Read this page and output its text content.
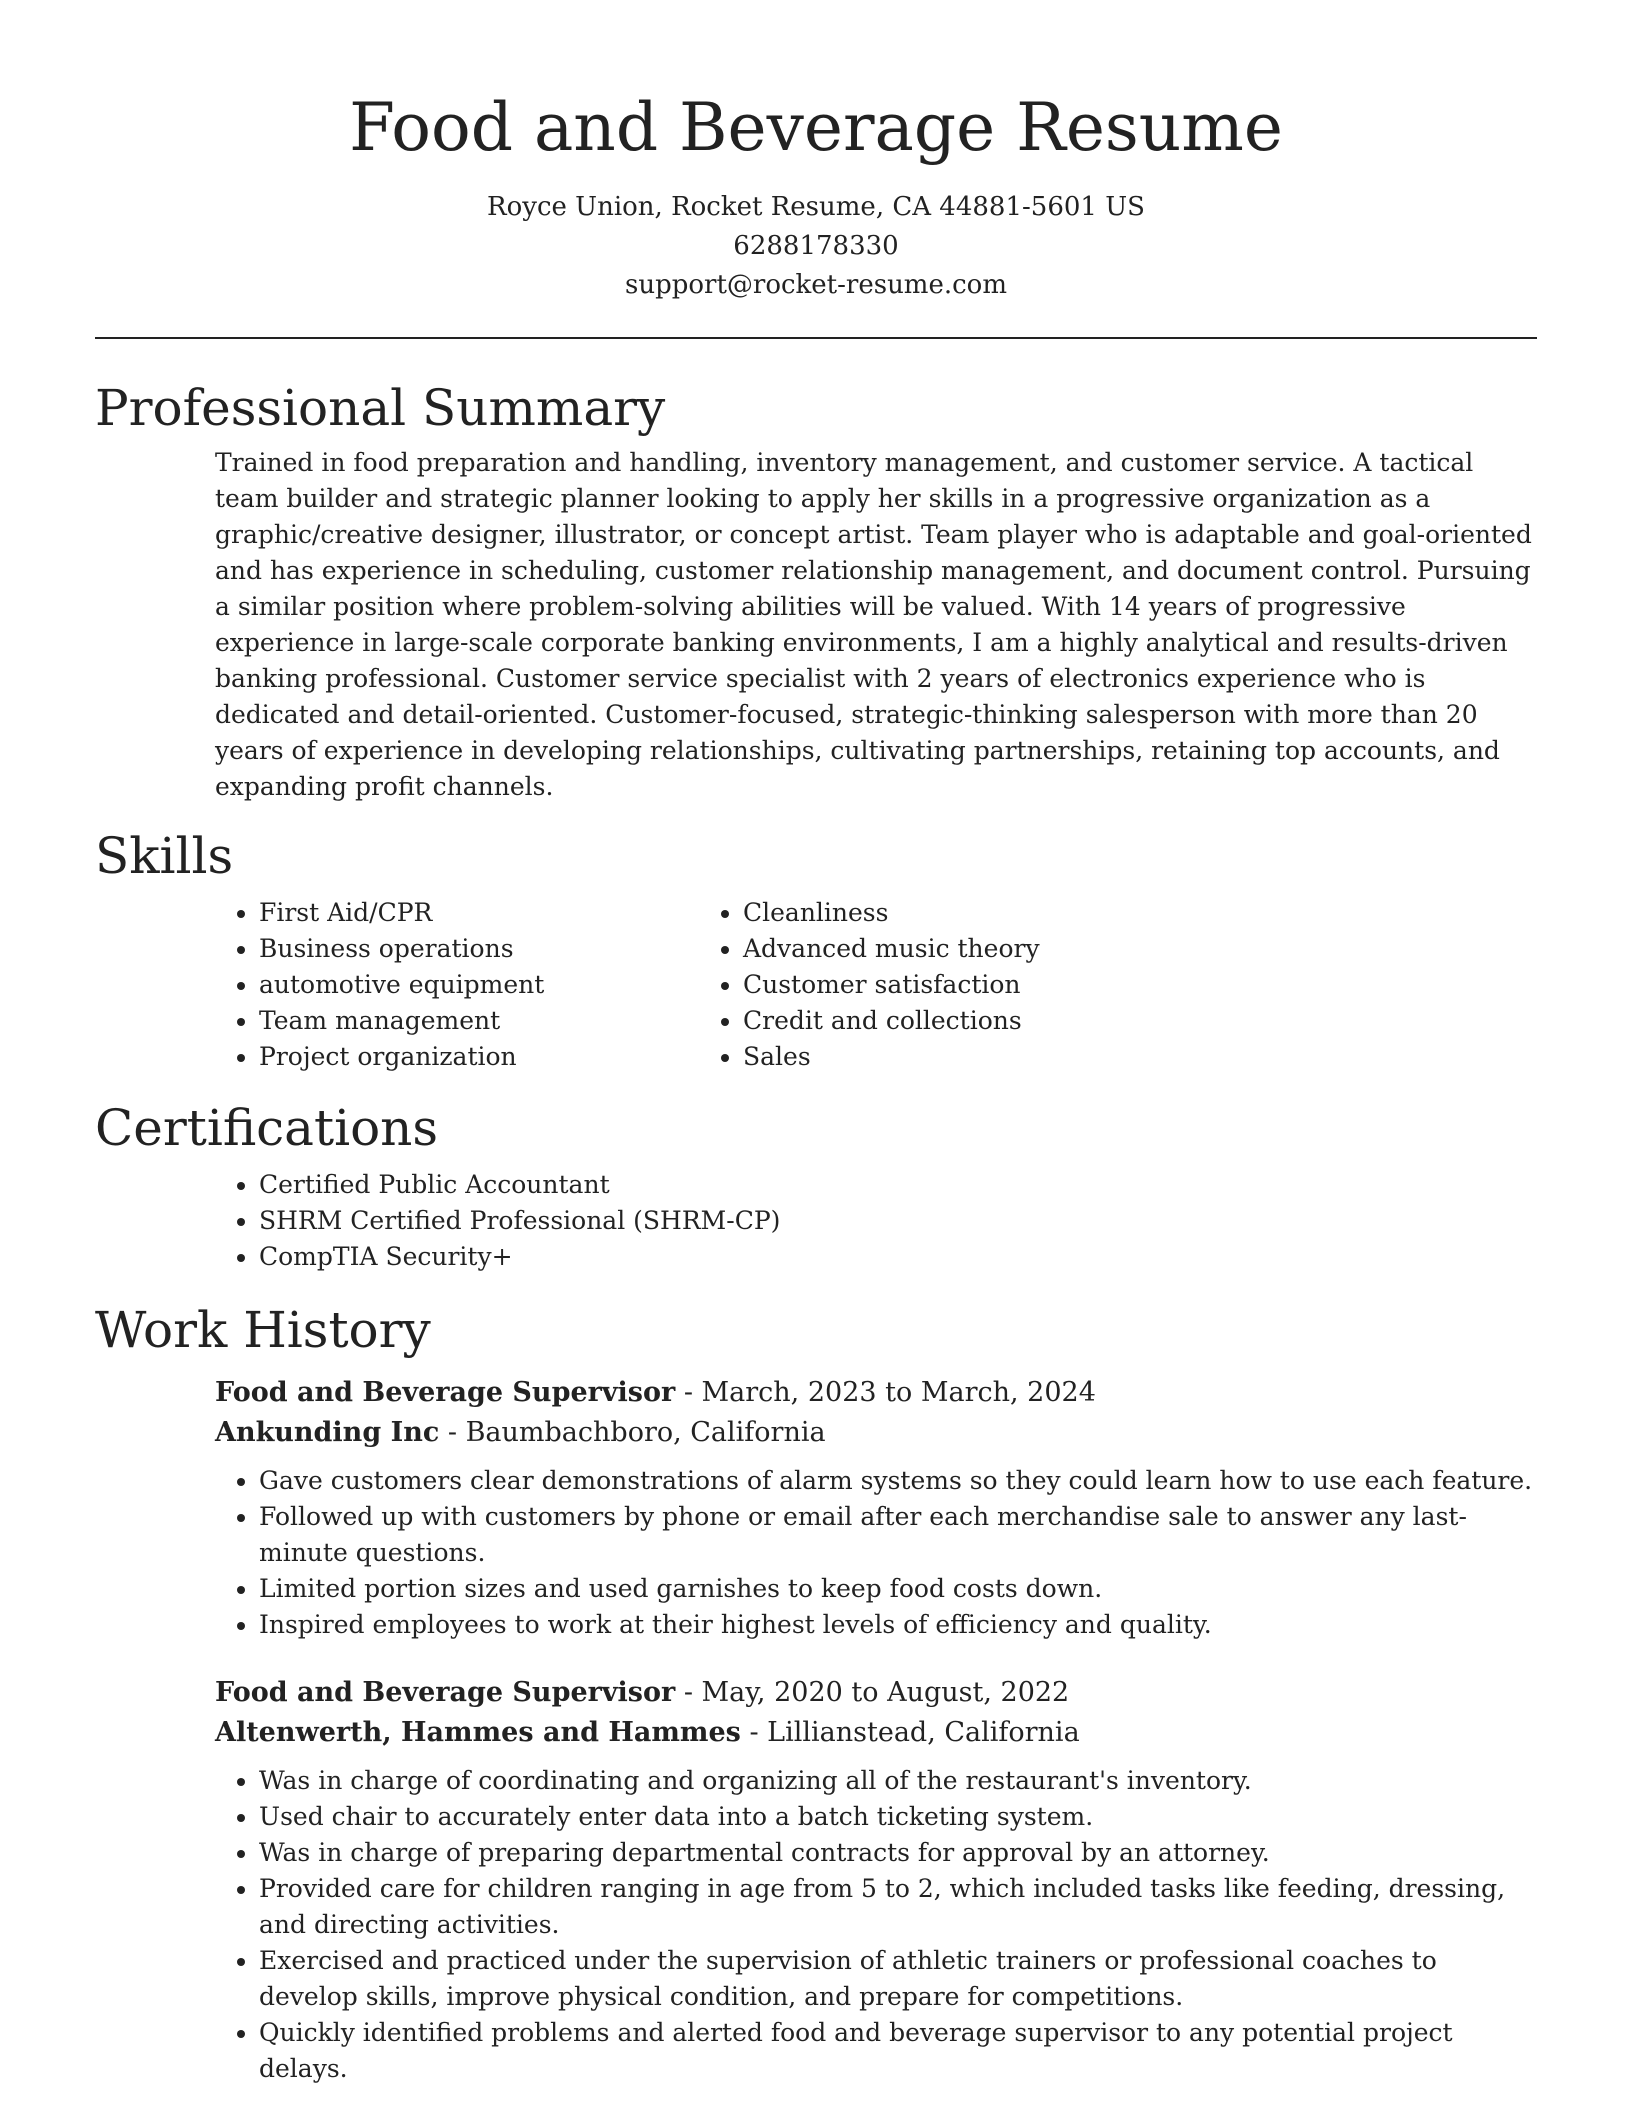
Food and Beverage Resume
Royce Union, Rocket Resume, CA 44881-5601 US
6288178330
support@rocket-resume.com
Professional Summary

Trained in food preparation and handling, inventory management, and customer service. A tactical team builder and strategic planner looking to apply her skills in a progressive organization as a graphic/creative designer, illustrator, or concept artist. Team player who is adaptable and goal-oriented and has experience in scheduling, customer relationship management, and document control. Pursuing a similar position where problem-solving abilities will be valued. With 14 years of progressive experience in large-scale corporate banking environments, I am a highly analytical and results-driven banking professional. Customer service specialist with 2 years of electronics experience who is dedicated and detail-oriented. Customer-focused, strategic-thinking salesperson with more than 20 years of experience in developing relationships, cultivating partnerships, retaining top accounts, and expanding profit channels.

Skills
• First Aid/CPR
• Business operations
• automotive equipment
• Team management
• Project organization
• Cleanliness
• Advanced music theory
• Customer satisfaction
• Credit and collections
• Sales
Certifications
• Certified Public Accountant
• SHRM Certified Professional (SHRM-CP)
• CompTIA Security+
Work History
Food and Beverage Supervisor - March, 2023 to March, 2024
Ankunding Inc - Baumbachboro, California
• Gave customers clear demonstrations of alarm systems so they could learn how to use each feature.
• Followed up with customers by phone or email after each merchandise sale to answer any last-minute questions.
• Limited portion sizes and used garnishes to keep food costs down.
• Inspired employees to work at their highest levels of efficiency and quality.
Food and Beverage Supervisor - May, 2020 to August, 2022
Altenwerth, Hammes and Hammes - Lillianstead, California
• Was in charge of coordinating and organizing all of the restaurant's inventory.
• Used chair to accurately enter data into a batch ticketing system.
• Was in charge of preparing departmental contracts for approval by an attorney.
• Provided care for children ranging in age from 5 to 2, which included tasks like feeding, dressing, and directing activities.
• Exercised and practiced under the supervision of athletic trainers or professional coaches to develop skills, improve physical condition, and prepare for competitions.
• Quickly identified problems and alerted food and beverage supervisor to any potential project delays.
